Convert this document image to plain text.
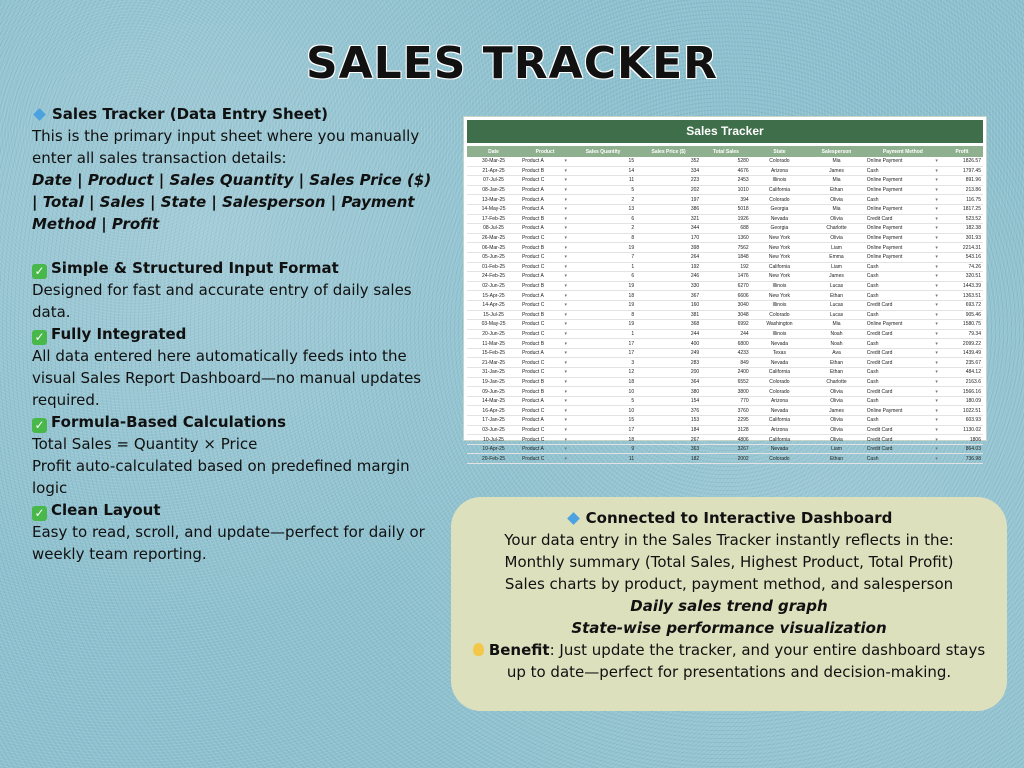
SALES TRACKER

Sales Tracker (Data Entry Sheet)

This is the primary input sheet where you manually enter all sales transaction details:

Date | Product | Sales Quantity | Sales Price ($) | Total | Sales | State | Salesperson | Payment Method | Profit

✓ Simple & Structured Input Format

Designed for fast and accurate entry of daily sales data.

✓ Fully Integrated

All data entered here automatically feeds into the visual Sales Report Dashboard—no manual updates required.

✓ Formula-Based Calculations

Total Sales = Quantity × Price

Profit auto-calculated based on predefined margin logic

✓ Clean Layout

Easy to read, scroll, and update—perfect for daily or weekly team reporting.

Sales Tracker
Date	Product	Sales Quantity	Sales Price ($)	Total Sales	State	Salesperson	Payment Method	Profit
30-Mar-25	Product A ▾	15	352	5280	Colorado	Mia	Online Payment ▾	1826.57
21-Apr-25	Product B ▾	14	334	4676	Arizona	James	Cash ▾	1797.45
07-Jul-25	Product C ▾	11	223	2453	Illinois	Mia	Online Payment ▾	891.96
08-Jan-25	Product A ▾	5	202	1010	California	Ethan	Online Payment ▾	213.86
13-Mar-25	Product A ▾	2	197	394	Colorado	Olivia	Cash ▾	116.75
14-May-25	Product A ▾	13	386	5018	Georgia	Mia	Online Payment ▾	1817.25
17-Feb-25	Product B ▾	6	321	1926	Nevada	Olivia	Credit Card ▾	523.52
08-Jul-25	Product A ▾	2	344	688	Georgia	Charlotte	Online Payment ▾	182.38
26-Mar-25	Product C ▾	8	170	1360	New York	Olivia	Online Payment ▾	301.93
06-Mar-25	Product B ▾	19	398	7562	New York	Liam	Online Payment ▾	2214.31
05-Jun-25	Product C ▾	7	264	1848	New York	Emma	Online Payment ▾	543.16
01-Feb-25	Product C ▾	1	192	192	California	Liam	Cash ▾	74.26
24-Feb-25	Product A ▾	6	246	1476	New York	James	Cash ▾	320.51
02-Jun-25	Product B ▾	19	330	6270	Illinois	Lucas	Cash ▾	1443.39
15-Apr-25	Product A ▾	18	367	6606	New York	Ethan	Cash ▾	1363.51
14-Apr-25	Product C ▾	19	160	3040	Illinois	Lucas	Credit Card ▾	693.72
15-Jul-25	Product B ▾	8	381	3048	Colorado	Lucas	Cash ▾	905.46
03-May-25	Product C ▾	19	368	6992	Washington	Mia	Online Payment ▾	1580.75
20-Jun-25	Product C ▾	1	244	244	Illinois	Noah	Credit Card ▾	79.34
11-Mar-25	Product B ▾	17	400	6800	Nevada	Noah	Cash ▾	2099.22
15-Feb-25	Product A ▾	17	249	4233	Texas	Ava	Credit Card ▾	1439.49
21-Mar-25	Product C ▾	3	283	849	Nevada	Ethan	Credit Card ▾	235.67
31-Jan-25	Product C ▾	12	200	2400	California	Ethan	Cash ▾	484.12
19-Jan-25	Product B ▾	18	364	6552	Colorado	Charlotte	Cash ▾	2163.6
09-Jun-25	Product B ▾	10	380	3800	Colorado	Olivia	Credit Card ▾	1566.16
14-Mar-25	Product A ▾	5	154	770	Arizona	Olivia	Cash ▾	180.09
16-Apr-25	Product C ▾	10	376	3760	Nevada	James	Online Payment ▾	1022.51
17-Jan-25	Product A ▾	15	153	2295	California	Olivia	Cash ▾	603.93
03-Jun-25	Product C ▾	17	184	3128	Arizona	Olivia	Credit Card ▾	1130.02
10-Jul-25	Product C ▾	18	267	4806	California	Olivia	Credit Card ▾	1806
10-Apr-25	Product A ▾	9	363	3267	Nevada	Liam	Credit Card ▾	864.03
20-Feb-25	Product C ▾	11	182	2002	Colorado	Ethan	Cash ▾	736.98

Connected to Interactive Dashboard

Your data entry in the Sales Tracker instantly reflects in the:

Monthly summary (Total Sales, Highest Product, Total Profit)

Sales charts by product, payment method, and salesperson

Daily sales trend graph

State-wise performance visualization

Benefit: Just update the tracker, and your entire dashboard stays up to date—perfect for presentations and decision-making.
